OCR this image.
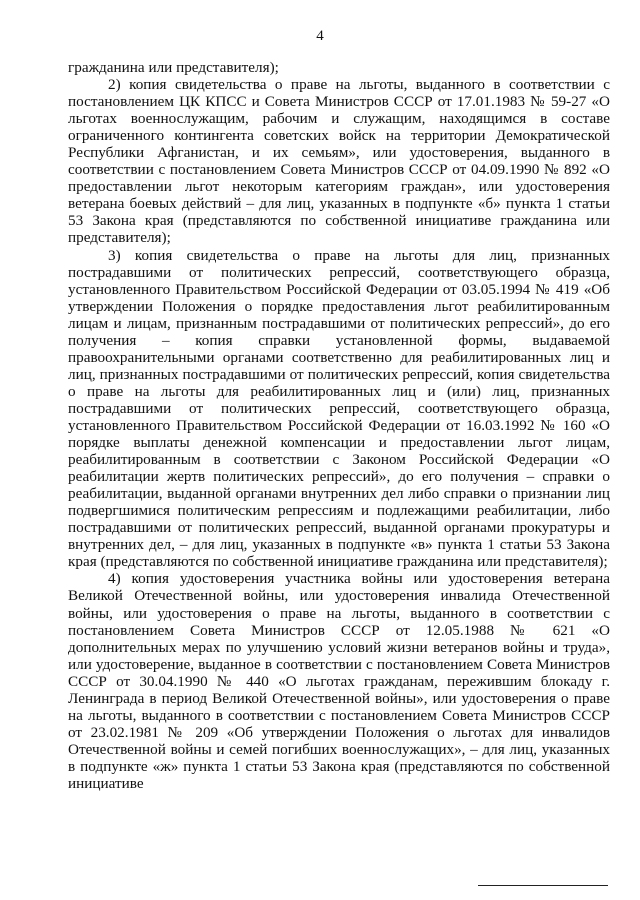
4

гражданина или представителя);

2) копия свидетельства о праве на льготы, выданного в соответствии с постановлением ЦК КПСС и Совета Министров СССР от 17.01.1983 № 59-27 «О льготах военнослужащим, рабочим и служащим, находящимся в составе ограниченного контингента советских войск на территории Демократической Республики Афганистан, и их семьям», или удостоверения, выданного в соответствии с постановлением Совета Министров СССР от 04.09.1990 № 892 «О предоставлении льгот некоторым категориям граждан», или удостоверения ветерана боевых действий – для лиц, указанных в подпункте «б» пункта 1 статьи 53 Закона края (представляются по собственной инициативе гражданина или представителя);

3) копия свидетельства о праве на льготы для лиц, признанных пострадавшими от политических репрессий, соответствующего образца, установленного Правительством Российской Федерации от 03.05.1994 № 419 «Об утверждении Положения о порядке предоставления льгот реабилитированным лицам и лицам, признанным пострадавшими от политических репрессий», до его получения – копия справки установленной формы, выдаваемой правоохранительными органами соответственно для реабилитированных лиц и лиц, признанных пострадавшими от политических репрессий, копия свидетельства о праве на льготы для реабилитированных лиц и (или) лиц, признанных пострадавшими от политических репрессий, соответствующего образца, установленного Правительством Российской Федерации от 16.03.1992 № 160 «О порядке выплаты денежной компенсации и предоставлении льгот лицам, реабилитированным в соответствии с Законом Российской Федерации «О реабилитации жертв политических репрессий», до его получения – справки о реабилитации, выданной органами внутренних дел либо справки о признании лиц подвергшимися политическим репрессиям и подлежащими реабилитации, либо пострадавшими от политических репрессий, выданной органами прокуратуры и внутренних дел, – для лиц, указанных в подпункте «в» пункта 1 статьи 53 Закона края (представляются по собственной инициативе гражданина или представителя);

4) копия удостоверения участника войны или удостоверения ветерана Великой Отечественной войны, или удостоверения инвалида Отечественной войны, или удостоверения о праве на льготы, выданного в соответствии с постановлением Совета Министров СССР от 12.05.1988 № 621 «О дополнительных мерах по улучшению условий жизни ветеранов войны и труда», или удостоверение, выданное в соответствии с постановлением Совета Министров СССР от 30.04.1990 № 440 «О льготах гражданам, пережившим блокаду г. Ленинграда в период Великой Отечественной войны», или удостоверения о праве на льготы, выданного в соответствии с постановлением Совета Министров СССР от 23.02.1981 № 209 «Об утверждении Положения о льготах для инвалидов Отечественной войны и семей погибших военнослужащих», – для лиц, указанных в подпункте «ж» пункта 1 статьи 53 Закона края (представляются по собственной инициативе
